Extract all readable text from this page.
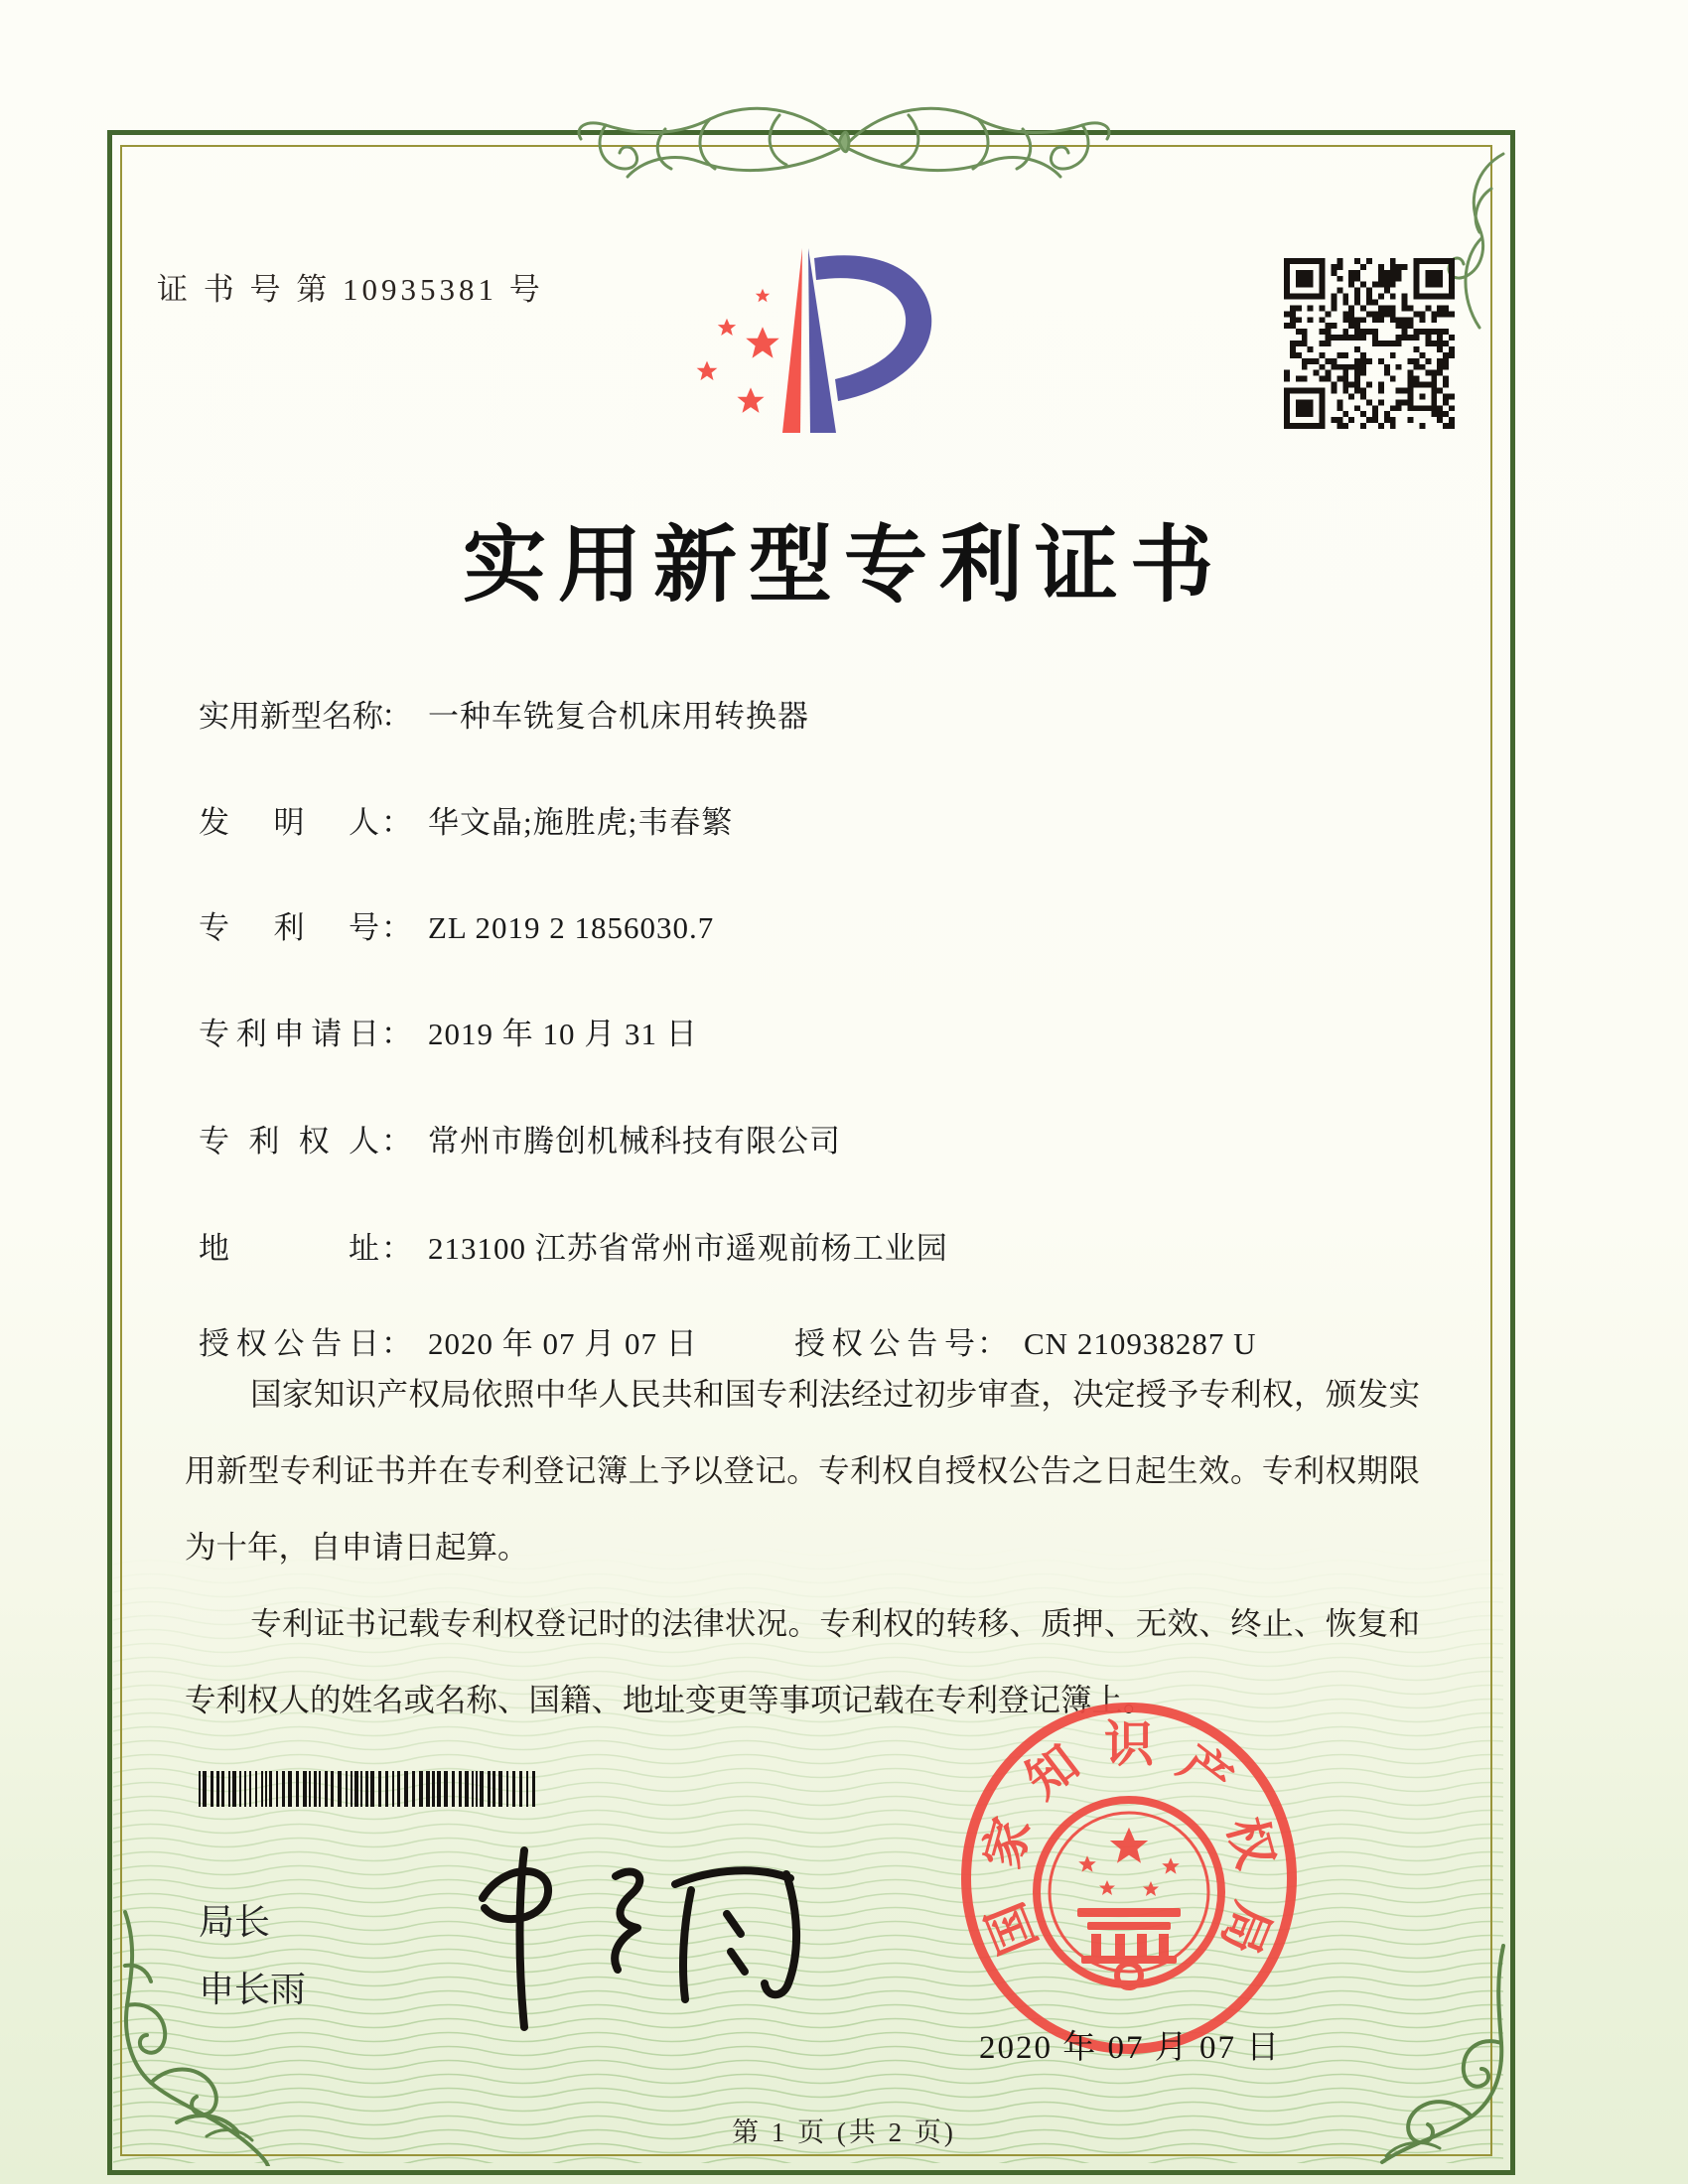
证 书 号 第 10935381 号
实用新型专利证书
实 用 新 型 名 称
： 一种车铣复合机床用转换器
发 明 人 ： 华文晶;施胜虎;韦春繁
专 利 号 ： ZL 2019 2 1856030.7
专 利 申 请 日 ： 2019 年 10 月 31 日
专 利 权 人 ： 常州市腾创机械科技有限公司
地	址 ： 213100 江苏省常州市遥观前杨工业园
授 权 公 告 日 ： 2020 年 07 月 07 日	授 权 公 告 号 ： CN 210938287 U

国家知识产权局依照中华人民共和国专利法经过初步审查，决定授予专利权，颁发实用新型专利证书并在专利登记簿上予以登记。专利权自授权公告之日起生效。专利权期限为十年，自申请日起算。

专利证书记载专利权登记时的法律状况。专利权的转移、质押、无效、终止、恢复和专利权人的姓名或名称、国籍、地址变更等事项记载在专利登记簿上。

局长
申长雨
国
家
知 识 产
权
局
2020 年 07 月 07 日
第 1 页 (共 2 页)
